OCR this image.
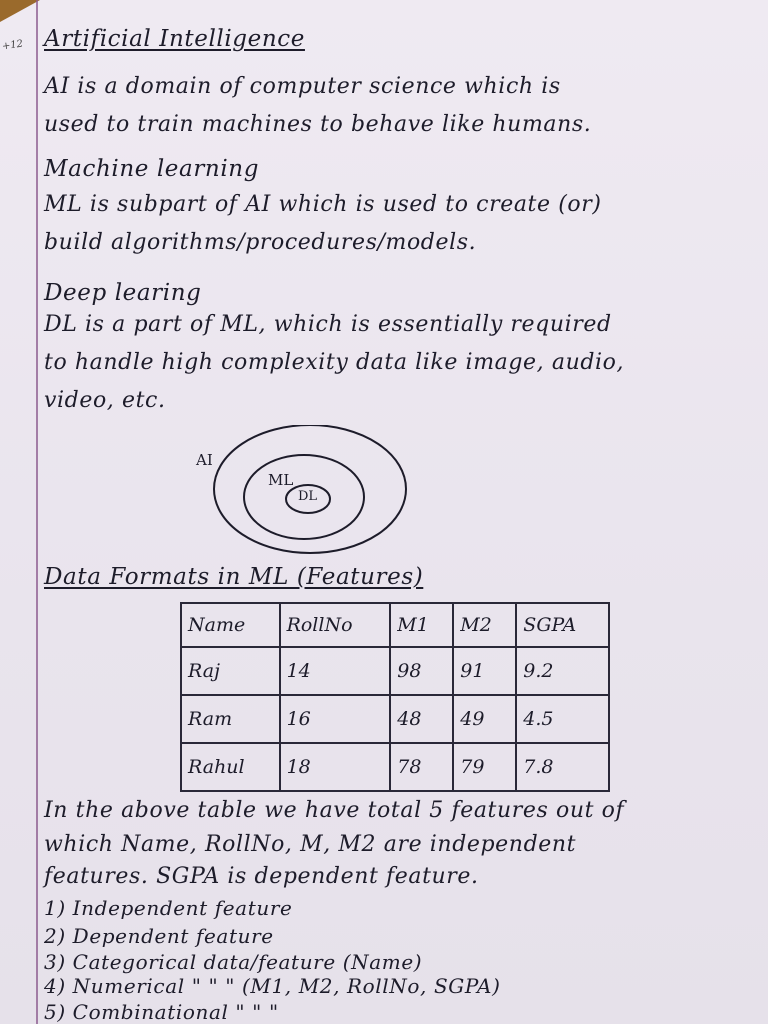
+12 Artificial Intelligence
AI is a domain of computer science which is
used to train machines to behave like humans.
Machine learning
ML is subpart of AI which is used to create (or)
build algorithms/procedures/models.
Deep learing
DL is a part of ML, which is essentially required
to handle high complexity data like image, audio,
video, etc.
AI
ML
DL
Data Formats in ML (Features)
Name	RollNo	M1	M2	SGPA
Raj	14	98	91	9.2
Ram	16	48	49	4.5
Rahul	18	78	79	7.8
In the above table we have total 5 features out of
which Name, RollNo, M, M2 are independent
features. SGPA is dependent feature.
1) Independent feature
2) Dependent feature
3) Categorical data/feature (Name)
4) Numerical " " " (M1, M2, RollNo, SGPA)
5) Combinational " " "
